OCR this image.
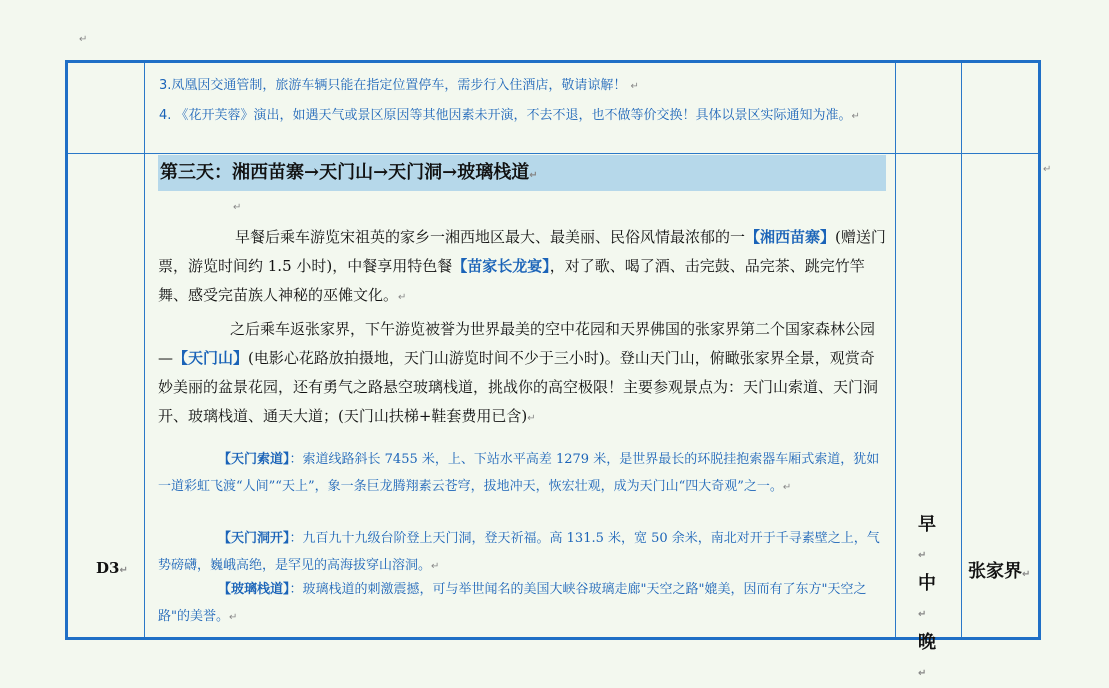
↵
↵
3.凤凰因交通管制，旅游车辆只能在指定位置停车，需步行入住酒店，敬请谅解！ ↵
4. 《花开芙蓉》演出，如遇天气或景区原因等其他因素未开演，不去不退，也不做等价交换！具体以景区实际通知为准。↵
第三天：湘西苗寨→天门山→天门洞→玻璃栈道↵
↵
早餐后乘车游览宋祖英的家乡一湘西地区最大、最美丽、民俗风情最浓郁的一【湘西苗寨】(赠送门票，游览时间约 1.5 小时)，中餐享用特色餐【苗家长龙宴】，对了歌、喝了酒、击完鼓、品完茶、跳完竹竿舞、感受完苗族人神秘的巫傩文化。↵
之后乘车返张家界，下午游览被誉为世界最美的空中花园和天界佛国的张家界第二个国家森林公园—【天门山】(电影心花路放拍摄地，天门山游览时间不少于三小时)。登山天门山，俯瞰张家界全景，观赏奇妙美丽的盆景花园，还有勇气之路悬空玻璃栈道，挑战你的高空极限！主要参观景点为：天门山索道、天门洞开、玻璃栈道、通天大道；(天门山扶梯+鞋套费用已含)↵
【天门索道】：索道线路斜长 7455 米，上、下站水平高差 1279 米，是世界最长的环脱挂抱索器车厢式索道，犹如一道彩虹飞渡“人间”“天上”，象一条巨龙腾翔素云苍穹，拔地冲天，恢宏壮观，成为天门山“四大奇观”之一。↵
【天门洞开】：九百九十九级台阶登上天门洞，登天祈福。高 131.5 米，宽 50 余米，南北对开于千寻素壁之上，气势磅礴，巍峨高绝，是罕见的高海拔穿山溶洞。↵
【玻璃栈道】：玻璃栈道的刺激震撼，可与举世闻名的美国大峡谷玻璃走廊"天空之路"媲美，因而有了东方"天空之路"的美誉。↵
D3↵
早↵
中↵
晚↵
张家界↵
